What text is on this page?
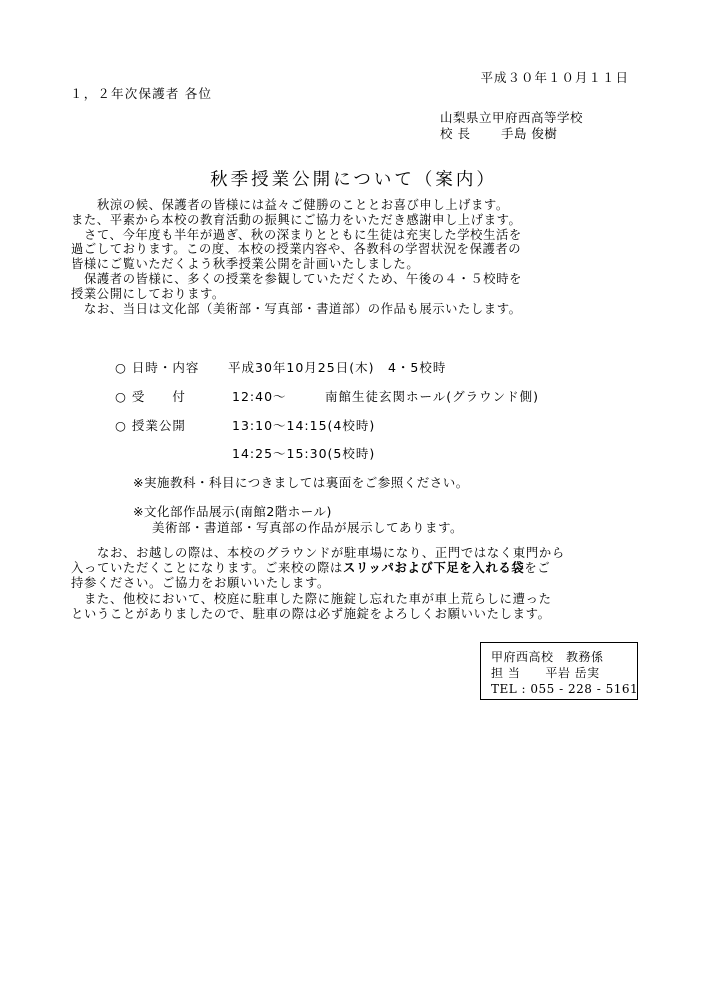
平成３０年１０月１１日
１，２年次保護者 各位
山梨県立甲府西高等学校
校 長　　 手島 俊樹
秋季授業公開について（案内）
秋涼の候、保護者の皆様には益々ご健勝のこととお喜び申し上げます。
また、平素から本校の教育活動の振興にご協力をいただき感謝申し上げます。
さて、今年度も半年が過ぎ、秋の深まりとともに生徒は充実した学校生活を
過ごしております。この度、本校の授業内容や、各教科の学習状況を保護者の
皆様にご覧いただくよう秋季授業公開を計画いたしました。
保護者の皆様に、多くの授業を参観していただくため、午後の４・５校時を
授業公開にしております。
なお、当日は文化部（美術部・写真部・書道部）の作品も展示いたします。
○ 日時・内容 平成30年10月25日(木)　4・5校時
○ 受　　付	12:40～	南館生徒玄関ホール(グラウンド側)
○ 授業公開	13:10～14:15(4校時)
14:25～15:30(5校時)
※実施教科・科目につきましては裏面をご参照ください。
※文化部作品展示(南館2階ホール)
美術部・書道部・写真部の作品が展示してあります。
なお、お越しの際は、本校のグラウンドが駐車場になり、正門ではなく東門から
入っていただくことになります。ご来校の際はスリッパおよび下足を入れる袋をご
持参ください。ご協力をお願いいたします。
また、他校において、校庭に駐車した際に施錠し忘れた車が車上荒らしに遭った
ということがありましたので、駐車の際は必ず施錠をよろしくお願いいたします。
甲府西高校　教務係
担 当　　平岩 岳実
TEL : 055 - 228 - 5161
